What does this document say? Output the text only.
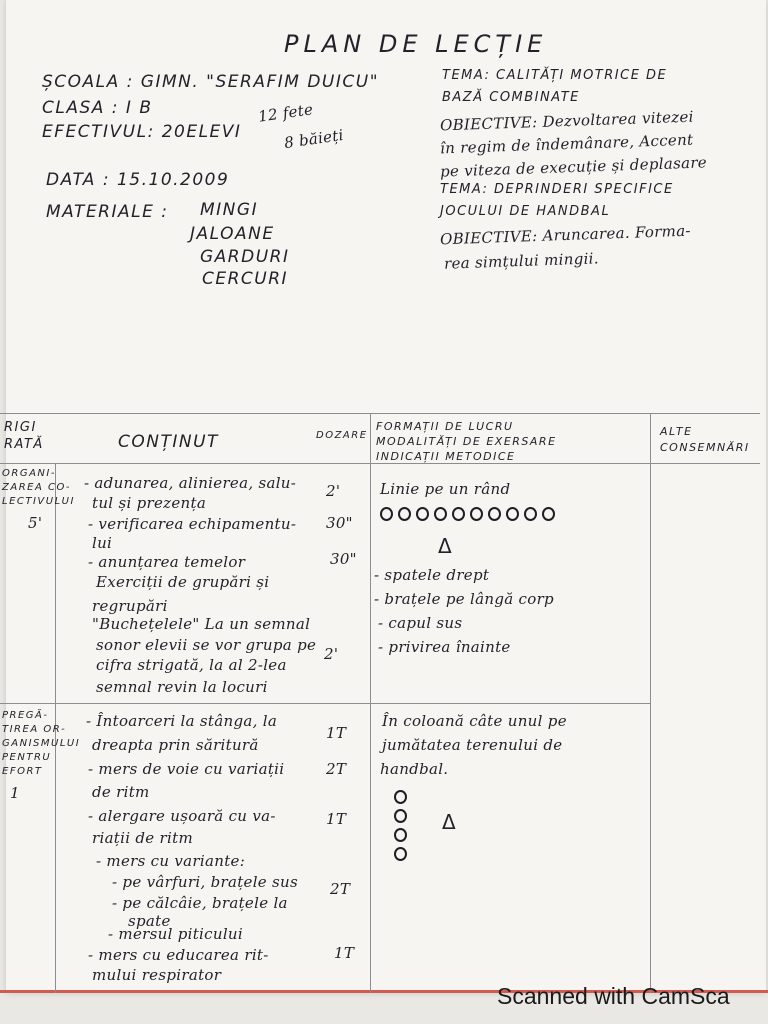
PLAN DE LECȚIE
ȘCOALA : GIMN. "SERAFIM DUICU"
CLASA : I B
EFECTIVUL: 20ELEVI
12 fete
8 băieți
DATA : 15.10.2009
MATERIALE : MINGI
JALOANE
GARDURI
CERCURI
TEMA: CALITĂȚI MOTRICE DE
BAZĂ COMBINATE
OBIECTIVE: Dezvoltarea vitezei
în regim de îndemânare, Accent
pe viteza de execuție și deplasare
TEMA: DEPRINDERI SPECIFICE
JOCULUI DE HANDBAL
OBIECTIVE: Aruncarea. Forma-
rea simțului mingii.
RIGI
RATĂ	CONȚINUT	DOZARE
FORMAȚII DE LUCRU
MODALITĂȚI DE EXERSARE
INDICAȚII METODICE
ALTE
CONSEMNĂRI
ORGANI-
ZAREA CO-
LECTIVULUI
5'
- adunarea, alinierea, salu-
tul și prezența
- verificarea echipamentu-
lui
- anunțarea temelor
Exerciții de grupări și
regrupări
"Buchețelele" La un semnal
sonor elevii se vor grupa pe
cifra strigată, la al 2-lea
semnal revin la locuri
2'
30"
30"
2'
Linie pe un rând
Δ
- spatele drept
- brațele pe lângă corp
- capul sus
- privirea înainte
PREGĂ-
TIREA OR-
GANISMULUI
PENTRU
EFORT
1
- Întoarceri la stânga, la
dreapta prin săritură
- mers de voie cu variații
de ritm
- alergare ușoară cu va-
riații de ritm
- mers cu variante:
- pe vârfuri, brațele sus
- pe călcâie, brațele la
spate
- mersul piticului
- mers cu educarea rit-
mului respirator
1T
2T
1T
2T
1T
În coloană câte unul pe
jumătatea terenului de
handbal.
Δ
Scanned with CamSca
